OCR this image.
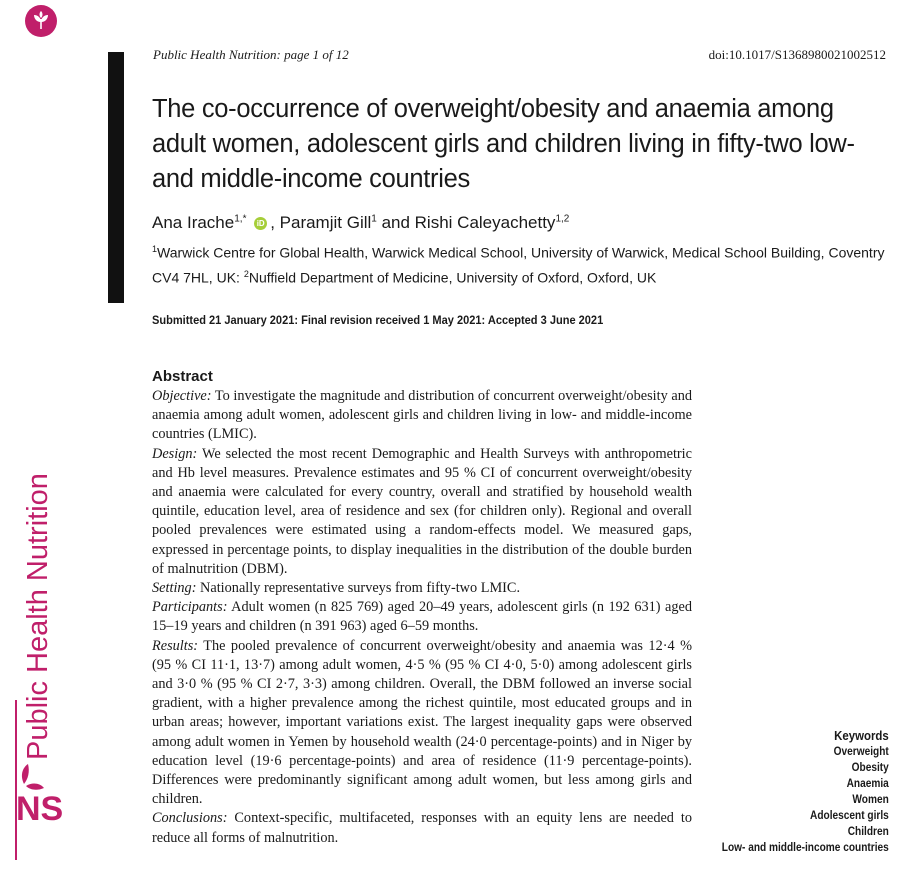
Public Health Nutrition
NS
Public Health Nutrition: page 1 of 12	doi:10.1017/S1368980021002512
The co-occurrence of overweight/obesity and anaemia among adult women, adolescent girls and children living in fifty-two low- and middle-income countries
Ana Irache$^{1,*}$ iD , Paramjit Gill$^1$ and Rishi Caleyachetty$^{1,2}$
$^1$Warwick Centre for Global Health, Warwick Medical School, University of Warwick, Medical School Building, Coventry CV4 7HL, UK: $^2$Nuffield Department of Medicine, University of Oxford, Oxford, UK
Submitted 21 January 2021: Final revision received 1 May 2021: Accepted 3 June 2021
Abstract

Objective: To investigate the magnitude and distribution of concurrent overweight/obesity and anaemia among adult women, adolescent girls and children living in low- and middle-income countries (LMIC).

Design: We selected the most recent Demographic and Health Surveys with anthropometric and Hb level measures. Prevalence estimates and 95 % CI of concurrent overweight/obesity and anaemia were calculated for every country, overall and stratified by household wealth quintile, education level, area of residence and sex (for children only). Regional and overall pooled prevalences were estimated using a random-effects model. We measured gaps, expressed in percentage points, to display inequalities in the distribution of the double burden of malnutrition (DBM).

Setting: Nationally representative surveys from fifty-two LMIC.

Participants: Adult women (n 825 769) aged 20–49 years, adolescent girls (n 192 631) aged 15–19 years and children (n 391 963) aged 6–59 months.

Results: The pooled prevalence of concurrent overweight/obesity and anaemia was 12·4 % (95 % CI 11·1, 13·7) among adult women, 4·5 % (95 % CI 4·0, 5·0) among adolescent girls and 3·0 % (95 % CI 2·7, 3·3) among children. Overall, the DBM followed an inverse social gradient, with a higher prevalence among the richest quintile, most educated groups and in urban areas; however, important variations exist. The largest inequality gaps were observed among adult women in Yemen by household wealth (24·0 percentage-points) and in Niger by education level (19·6 percentage-points) and area of residence (11·9 percentage-points). Differences were predominantly significant among adult women, but less among girls and children.

Conclusions: Context-specific, multifaceted, responses with an equity lens are needed to reduce all forms of malnutrition.

Keywords
Overweight
Obesity
Anaemia
Women
Adolescent girls
Children
Low- and middle-income countries
